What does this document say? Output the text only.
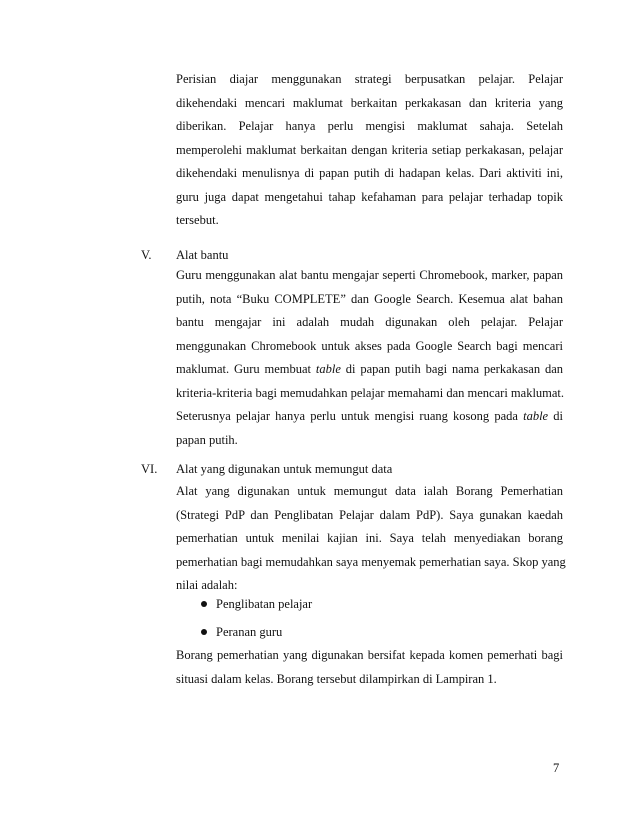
Perisian diajar menggunakan strategi berpusatkan pelajar. Pelajar
dikehendaki mencari maklumat berkaitan perkakasan dan kriteria yang
diberikan. Pelajar hanya perlu mengisi maklumat sahaja. Setelah
memperolehi maklumat berkaitan dengan kriteria setiap perkakasan, pelajar
dikehendaki menulisnya di papan putih di hadapan kelas. Dari aktiviti ini,
guru juga dapat mengetahui tahap kefahaman para pelajar terhadap topik
tersebut.
V. Alat bantu
Guru menggunakan alat bantu mengajar seperti Chromebook, marker, papan
putih, nota “Buku COMPLETE” dan Google Search. Kesemua alat bahan
bantu mengajar ini adalah mudah digunakan oleh pelajar. Pelajar
menggunakan Chromebook untuk akses pada Google Search bagi mencari
maklumat. Guru membuat table di papan putih bagi nama perkakasan dan
kriteria-kriteria bagi memudahkan pelajar memahami dan mencari maklumat.
Seterusnya pelajar hanya perlu untuk mengisi ruang kosong pada table di
papan putih.
VI. Alat yang digunakan untuk memungut data
Alat yang digunakan untuk memungut data ialah Borang Pemerhatian
(Strategi PdP dan Penglibatan Pelajar dalam PdP). Saya gunakan kaedah
pemerhatian untuk menilai kajian ini. Saya telah menyediakan borang
pemerhatian bagi memudahkan saya menyemak pemerhatian saya. Skop yang
nilai adalah:
Penglibatan pelajar
Peranan guru
Borang pemerhatian yang digunakan bersifat kepada komen pemerhati bagi
situasi dalam kelas. Borang tersebut dilampirkan di Lampiran 1.
7
